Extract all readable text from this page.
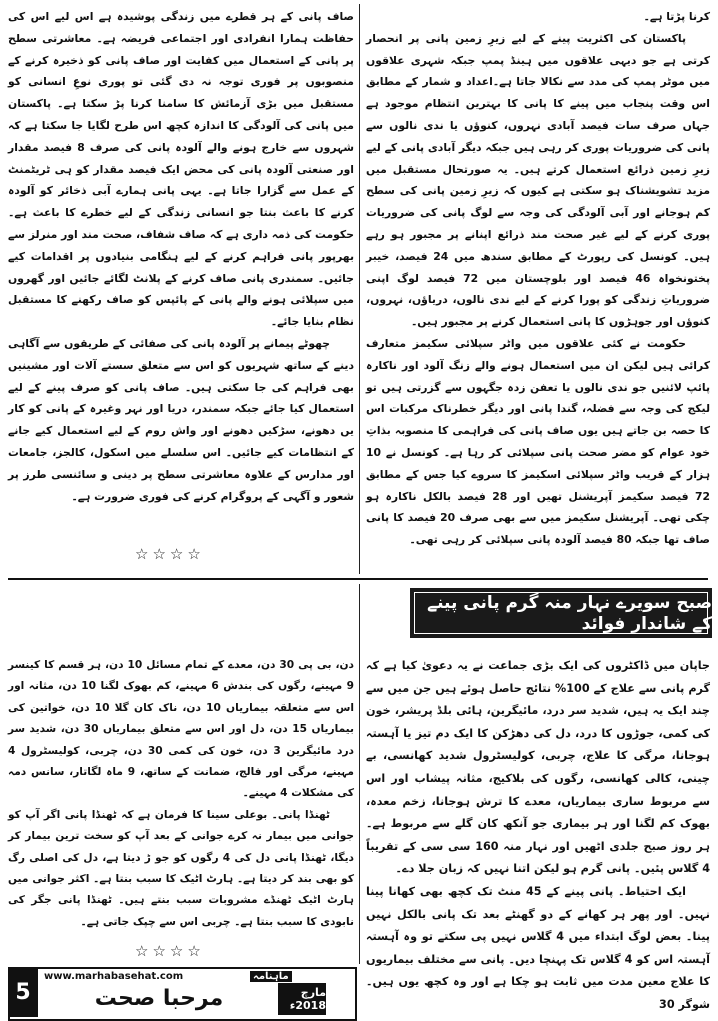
کرنا پڑتا ہے۔

پاکستان کی اکثریت پینے کے لیے زیرِ زمین پانی پر انحصار کرتی ہے جو دیہی علاقوں میں ہینڈ پمپ جبکہ شہری علاقوں میں موٹر پمپ کی مدد سے نکالا جاتا ہے۔اعداد و شمار کے مطابق اس وقت پنجاب میں پینے کا پانی کا بہترین انتظام موجود ہے جہاں صرف سات فیصد آبادی نہروں، کنوؤں یا ندی نالوں سے پانی کی ضروریات پوری کر رہی ہیں جبکہ دیگر آبادی پانی کے لیے زیرِ زمین ذرائع استعمال کرتے ہیں۔ یہ صورتحال مستقبل میں مزید تشویشناک ہو سکتی ہے کیوں کہ زیرِ زمین پانی کی سطح کم ہوجانے اور آبی آلودگی کی وجہ سے لوگ پانی کی ضروریات پوری کرنے کے لیے غیر صحت مند ذرائع اپنانے پر مجبور ہو رہے ہیں۔ کونسل کی رپورٹ کے مطابق سندھ میں 24 فیصد، خیبر پختونخواہ 46 فیصد اور بلوچستان میں 72 فیصد لوگ اپنی ضروریاتِ زندگی کو پورا کرنے کے لیے ندی نالوں، دریاؤں، نہروں، کنوؤں اور جوہڑوں کا پانی استعمال کرنے پر مجبور ہیں۔

حکومت نے کئی علاقوں میں واٹر سپلائی سکیمز متعارف کرائی ہیں لیکن ان میں استعمال ہونے والے زنگ آلود اور ناکارہ پائپ لائنیں جو ندی نالوں یا تعفن زدہ جگہوں سے گزرتی ہیں تو لیکج کی وجہ سے فضلہ، گندا پانی اور دیگر خطرناک مرکبات اس کا حصہ بن جاتے ہیں یوں صاف پانی کی فراہمی کا منصوبہ بذاتِ خود عوام کو مضر صحت پانی سپلائی کر رہا ہے۔ کونسل نے 10 ہزار کے قریب واٹر سپلائی اسکیمز کا سروے کیا جس کے مطابق 72 فیصد سکیمز آپریشنل تھیں اور 28 فیصد بالکل ناکارہ ہو چکی تھی۔ آپریشنل سکیمز میں سے بھی صرف 20 فیصد کا پانی صاف تھا جبکہ 80 فیصد آلودہ پانی سپلائی کر رہی تھی۔

صاف پانی کے ہر قطرے میں زندگی پوشیدہ ہے اس لیے اس کی حفاظت ہمارا انفرادی اور اجتماعی فریضہ ہے۔ معاشرتی سطح پر پانی کے استعمال میں کفایت اور صاف پانی کو ذخیرہ کرنے کے منصوبوں پر فوری توجہ نہ دی گئی تو پوری نوعِ انسانی کو مستقبل میں بڑی آزمائش کا سامنا کرنا پڑ سکتا ہے۔ پاکستان میں پانی کی آلودگی کا اندازہ کچھ اس طرح لگایا جا سکتا ہے کہ شہروں سے خارج ہونے والے آلودہ پانی کی صرف 8 فیصد مقدار اور صنعتی آلودہ پانی کی محض ایک فیصد مقدار کو ہی ٹریٹمنٹ کے عمل سے گزارا جاتا ہے۔ یہی پانی ہمارے آبی ذخائر کو آلودہ کرنے کا باعث بنتا جو انسانی زندگی کے لیے خطرے کا باعث ہے۔ حکومت کی ذمہ داری ہے کہ صاف شفاف، صحت مند اور منرلز سے بھرپور پانی فراہم کرنے کے لیے ہنگامی بنیادوں پر اقدامات کیے جائیں۔ سمندری پانی صاف کرنے کے پلانٹ لگائے جائیں اور گھروں میں سپلائی ہونے والے پانی کے پائپس کو صاف رکھنے کا مستقبل نظام بنایا جائے۔

چھوٹے پیمانے پر آلودہ پانی کی صفائی کے طریقوں سے آگاہی دینے کے ساتھ شہریوں کو اس سے متعلق سستے آلات اور مشینیں بھی فراہم کی جا سکتی ہیں۔ صاف پانی کو صرف پینے کے لیے استعمال کیا جائے جبکہ سمندر، دریا اور نہر وغیرہ کے پانی کو کار یں دھونے، سڑکیں دھونے اور واش روم کے لیے استعمال کیے جانے کے انتظامات کیے جائیں۔ اس سلسلے میں اسکول، کالجز، جامعات اور مدارس کے علاوہ معاشرتی سطح پر دینی و سائنسی طرز پر شعور و آگہی کے پروگرام کرنے کی فوری ضرورت ہے۔

☆☆☆☆
صبح سویرے نہار منہ گرم پانی پینے کے شاندار فوائد

جاپان میں ڈاکٹروں کی ایک بڑی جماعت نے یہ دعویٰ کیا ہے کہ گرم پانی سے علاج کے 100% نتائج حاصل ہوئے ہیں جن میں سے چند ایک یہ ہیں، شدید سر درد، مائیگرین، ہائی بلڈ پریشر، خون کی کمی، جوڑوں کا درد، دل کی دھڑکن کا ایک دم تیز یا آہستہ ہوجانا، مرگی کا علاج، چربی، کولیسٹرول شدید کھانسی، بے چینی، کالی کھانسی، رگوں کی بلاکیج، مثانہ پیشاب اور اس سے مربوط ساری بیماریاں، معدے کا ترش ہوجانا، زخم معدہ، بھوک کم لگنا اور ہر بیماری جو آنکھ کان گلے سے مربوط ہے۔ ہر روز صبح جلدی اٹھیں اور نہار منہ 160 سی سی کے تقریباً 4 گلاس پئیں۔ پانی گرم ہو لیکن اتنا نہیں کہ زبان جلا دے۔

ایک احتیاط۔ پانی پینے کے 45 منٹ تک کچھ بھی کھانا پینا نہیں۔ اور پھر ہر کھانے کے دو گھنٹے بعد تک پانی بالکل نہیں پینا۔ بعض لوگ ابتداء میں 4 گلاس نہیں پی سکتے تو وہ آہستہ آہستہ اس کو 4 گلاس تک پہنچا دیں۔ پانی سے مختلف بیماریوں کا علاج معین مدت میں ثابت ہو چکا ہے اور وہ کچھ یوں ہیں۔ شوگر 30

دن، بی پی 30 دن، معدے کے تمام مسائل 10 دن، ہر قسم کا کینسر 9 مہینے، رگوں کی بندش 6 مہینے، کم بھوک لگنا 10 دن، مثانہ اور اس سے متعلقہ بیماریاں 10 دن، ناک کان گلا 10 دن، خواتین کی بیماریاں 15 دن، دل اور اس سے متعلق بیماریاں 30 دن، شدید سر درد مائیگرین 3 دن، خون کی کمی 30 دن، چربی، کولیسٹرول 4 مہینے، مرگی اور فالج، ضمانت کے ساتھ، 9 ماہ لگاتار، سانس دمہ کی مشکلات 4 مہینے۔

ٹھنڈا پانی۔ بوعلی سینا کا فرمان ہے کہ ٹھنڈا پانی اگر آپ کو جوانی میں بیمار نہ کرے جوانی کے بعد آپ کو سخت ترین بیمار کر دیگا، ٹھنڈا پانی دل کی 4 رگوں کو جو ڑ دیتا ہے، دل کی اصلی رگ کو بھی بند کر دیتا ہے۔ ہارٹ اٹیک کا سبب بنتا ہے۔ اکثر جوانی میں ہارٹ اٹیک ٹھنڈے مشروبات سبب بنتے ہیں۔ ٹھنڈا پانی جگر کی نابودی کا سبب بنتا ہے۔ چربی اس سے چپک جاتی ہے۔

☆☆☆☆
5
www.marhabasehat.com
مرحبا صحت	مارچ 2018ء
ماہنامہ
